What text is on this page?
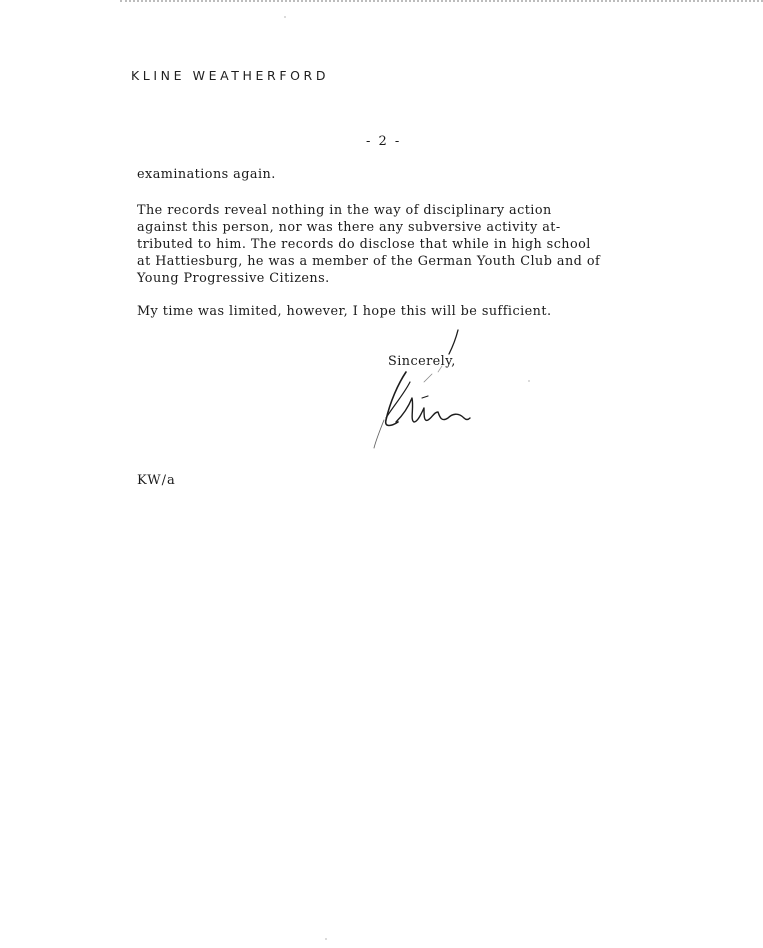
KLINE WEATHERFORD
- 2 -
examinations again.
The records reveal nothing in the way of disciplinary action
against this person, nor was there any subversive activity at-
tributed to him. The records do disclose that while in high school
at Hattiesburg, he was a member of the German Youth Club and of
Young Progressive Citizens.
My time was limited, however, I hope this will be sufficient.
Sincerely,
KW/a
